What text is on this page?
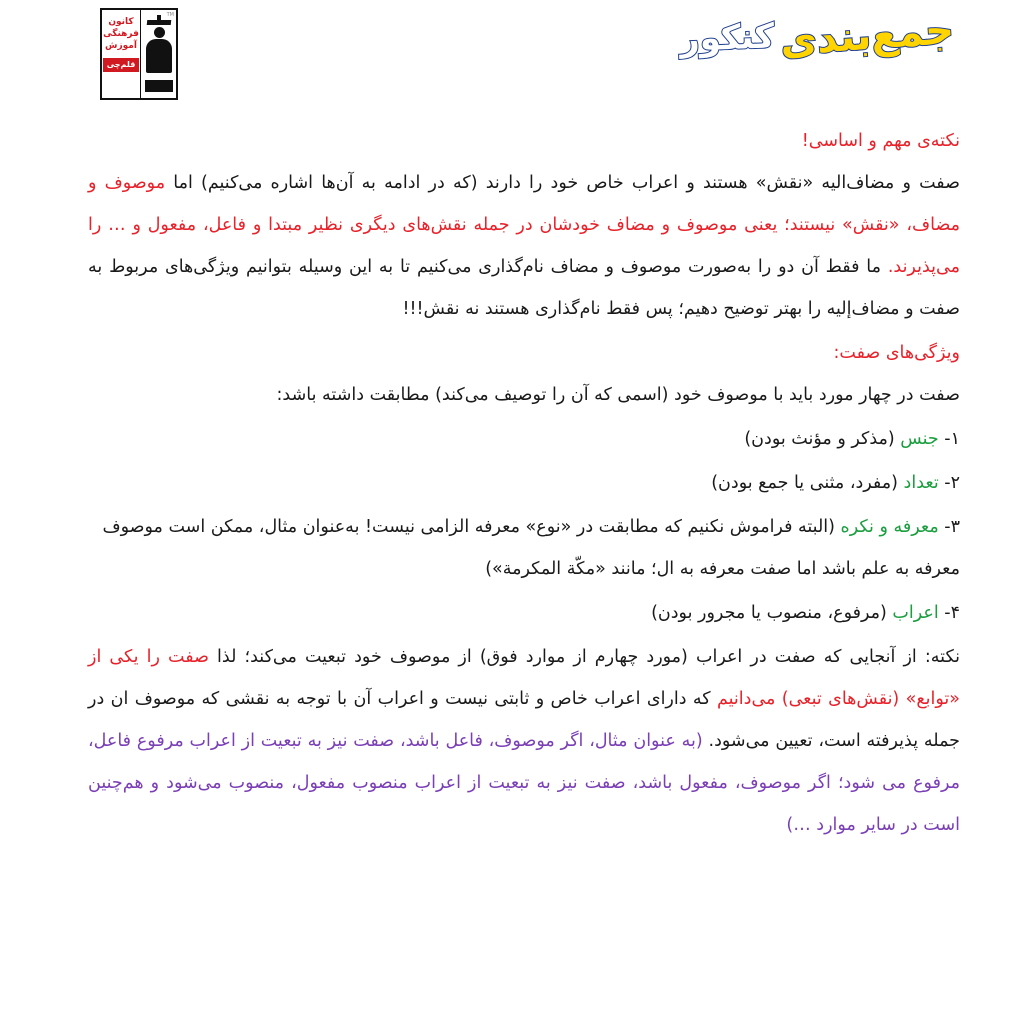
کانون
فرهنگی
آموزش
قلم‌چی
TM	جمع‌بندیکنکور

نکته‌ی مهم و اساسی!

صفت و مضاف‌الیه «نقش» هستند و اعراب خاص خود را دارند (که در ادامه به آن‌ها اشاره می‌کنیم) اما موصوف و مضاف، «نقش» نیستند؛ یعنی موصوف و مضاف خودشان در جمله نقش‌های دیگری نظیر مبتدا و فاعل، مفعول و … را می‌پذیرند. ما فقط آن دو را به‌صورت موصوف و مضاف نام‌گذاری می‌کنیم تا به این وسیله بتوانیم ویژگی‌های مربوط به صفت و مضاف‌إلیه را بهتر توضیح دهیم؛ پس فقط نام‌گذاری هستند نه نقش!!!

ویژگی‌های صفت:

صفت در چهار مورد باید با موصوف خود (اسمی که آن را توصیف می‌کند) مطابقت داشته باشد:

۱- جنس (مذکر و مؤنث بودن)

۲- تعداد (مفرد، مثنی یا جمع بودن)

۳- معرفه و نکره (البته فراموش نکنیم که مطابقت در «نوع» معرفه الزامی نیست! به‌عنوان مثال، ممکن است موصوف معرفه به علم باشد اما صفت معرفه به ال؛ مانند «مکّة المکرمة»)

۴- اعراب (مرفوع، منصوب یا مجرور بودن)

نکته: از آنجایی که صفت در اعراب (مورد چهارم از موارد فوق) از موصوف خود تبعیت می‌کند؛ لذا صفت را یکی از «توابع» (نقش‌های تبعی) می‌دانیم که دارای اعراب خاص و ثابتی نیست و اعراب آن با توجه به نقشی که موصوف ان در جمله پذیرفته است، تعیین می‌شود. (به عنوان مثال، اگر موصوف، فاعل باشد، صفت نیز به تبعیت از اعراب مرفوع فاعل، مرفوع می شود؛ اگر موصوف، مفعول باشد، صفت نیز به تبعیت از اعراب منصوب مفعول، منصوب می‌شود و هم‌چنین است در سایر موارد …)
